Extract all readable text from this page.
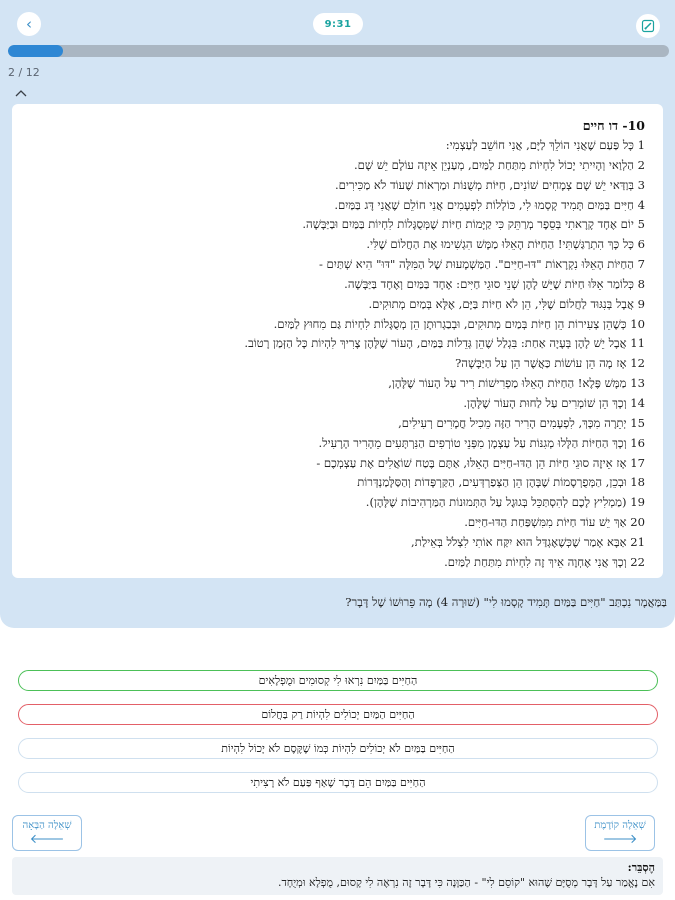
‹	9:31
2 / 12
10- דו חיים
1 כָּל פַּעַם שֶׁאֲנִי הוֹלֵךְ לַיָּם, אֲנִי חוֹשֵׁב לְעַצְמִי:
2 הַלְוַאי וְהָיִיתִי יָכוֹל לִחְיוֹת מִתַּחַת לַמַּיִם, מְעַנְיֵן אֵיזֶה עוֹלָם יֵשׁ שָׁם.
3 בְּוַדַּאי יֵשׁ שָׁם צְמָחִים שׁוֹנִים, חַיּוֹת מְשֻׁנּוֹת וּמַרְאוֹת שֶׁעוֹד לֹא מַכִּירִים.
4 חַיִּים בַּמַּיִם תָּמִיד קָסְמוּ לִי, כּוֹלְלוֹת לִפְעָמִים אֲנִי חוֹלֵם שֶׁאֲנִי דָּג בַּמַּיִם.
5 יוֹם אֶחָד קָרָאתִי בְּסֵפֶר מְרַתֵּק כִּי קַיָּמוֹת חַיּוֹת שֶׁמְּסֻגָּלוֹת לִחְיוֹת בַּמַּיִם וּבַיַּבָּשָׁה.
6 כָּל כָּךְ הִתְרַגַּשְׁתִּי! הַחַיּוֹת הָאֵלּוּ מַמָּשׁ הִגְשִׁימוּ אֶת הַחֲלוֹם שֶׁלִּי.
7 הַחַיּוֹת הָאֵלּוּ נִקְרָאוֹת "דּוּ-חַיִּים". הַמַּשְׁמָעוּת שֶׁל הַמִּלָּה "דּוּ" הִיא שְׁתַּיִם -
8 כְּלוֹמַר אֵלּוּ חַיּוֹת שֶׁיֵּשׁ לָהֶן שְׁנֵי סוּגֵי חַיִּים: אֶחָד בַּמַּיִם וְאֶחָד בַּיַּבָּשָׁה.
9 אֲבָל בְּנִגּוּד לַחֲלוֹם שֶׁלִּי, הֵן לֹא חַיּוֹת בַּיָּם, אֶלָּא בְּמַיִם מְתוּקִים.
10 כְּשֶׁהֵן צְעִירוֹת הֵן חַיּוֹת בְּמַיִם מְתוּקִים, וּבְבַגְרוּתָן הֵן מְסֻגָּלוֹת לִחְיוֹת גַּם מִחוּץ לַמַּיִם.
11 אֲבָל יֵשׁ לָהֶן בְּעָיָה אַחַת: בִּגְלַל שֶׁהֵן גְּדֵלוֹת בַּמַּיִם, הָעוֹר שֶׁלָּהֶן צָרִיךְ לִהְיוֹת כָּל הַזְּמַן רָטוֹב.
12 אָז מָה הֵן עוֹשׂוֹת כַּאֲשֶׁר הֵן עַל הַיַּבָּשָׁה?
13 מַמָּשׁ פֶּלֶא! הַחַיּוֹת הָאֵלּוּ מַפְרִישׁוֹת רִיר עַל הָעוֹר שֶׁלָּהֶן,
14 וְכָךְ הֵן שׁוֹמְרִים עַל לַחוּת הָעוֹר שֶׁלָּהֶן.
15 יְתֵרָה מִכָּךְ, לִפְעָמִים הָרִיר הַזֶּה מֵכִיל חֳמָרִים רְעִילִים,
16 וְכָךְ הַחַיּוֹת הַלָּלוּ מְגִנּוֹת עַל עַצְמָן מִפְּנֵי טוֹרְפִים הַנִּרְתָּעִים מֵהָרִיר הָרָעִיל.
17 אָז אֵיזֶה סוּגֵי חַיּוֹת הֵן הַדּוּ-חַיִּים הָאֵלּוּ, אַתֶּם בֶּטַח שׁוֹאֲלִים אֶת עַצְמְכֶם -
18 וּבְכֵן, הַמְּפֻרְסָמוֹת שֶׁבָּהֶן הֵן הַצְּפַרְדְּעִים, הַקַּרְפָּדוֹת וְהַסַּלָּמַנְדְּרוֹת
19 (מַמְלִיץ לָכֶם לְהִסְתַּכֵּל בְּגוּגֶל עַל הַתְּמוּנוֹת הַמַּרְהִיבוֹת שֶׁלָּהֶן).
20 אַךְ יֵשׁ עוֹד חַיּוֹת מִמִּשְׁפַּחַת הַדּוּ-חַיִּים.
21 אַבָּא אָמַר שֶׁכְּשֶׁאֶגְדַּל הוּא יִקַּח אוֹתִי לִצְלֹל בְּאֵילַת,
22 וְכָךְ אֲנִי אֶחְוֶה אֵיךְ זֶה לִחְיוֹת מִתַּחַת לַמַּיִם.
בַּמַּאֲמָר נִכְתַּב "חַיִּים בַּמַּיִם תָּמִיד קָסְמוּ לִי" (שׁוּרָה 4) מָה פֵּרוּשׁוֹ שֶׁל דָּבָר?
הַחַיִּים בַּמַּיִם נִרְאוּ לִי קְסוּמִים וּמֻפְלָאִים
הַחַיִּים הַמַּיִם יְכוֹלִים לִהְיוֹת רַק בַּחֲלוֹם
הַחַיִּים בַּמַּיִם לֹא יְכוֹלִים לִהְיוֹת כְּמוֹ שֶׁקֶּסֶם לֹא יָכוֹל לִהְיוֹת
הַחַיִּים בַּמַּיִם הֵם דָּבָר שֶׁאַף פַּעַם לֹא רָצִיתִי
שְׁאֵלָה הַבָּאָה
🡐
שְׁאֵלָה קוֹדֶמֶת
🡒
הֶסְבֵּר:
אִם נֶאֱמַר עַל דָּבָר מְסֻיָּם שֶׁהוּא "קוֹסֵם לִי" - הַכַּוָּנָה כִּי דָּבָר זֶה נִרְאֶה לִי קָסוּם, מֻפְלָא וּמְיֻחָד.
